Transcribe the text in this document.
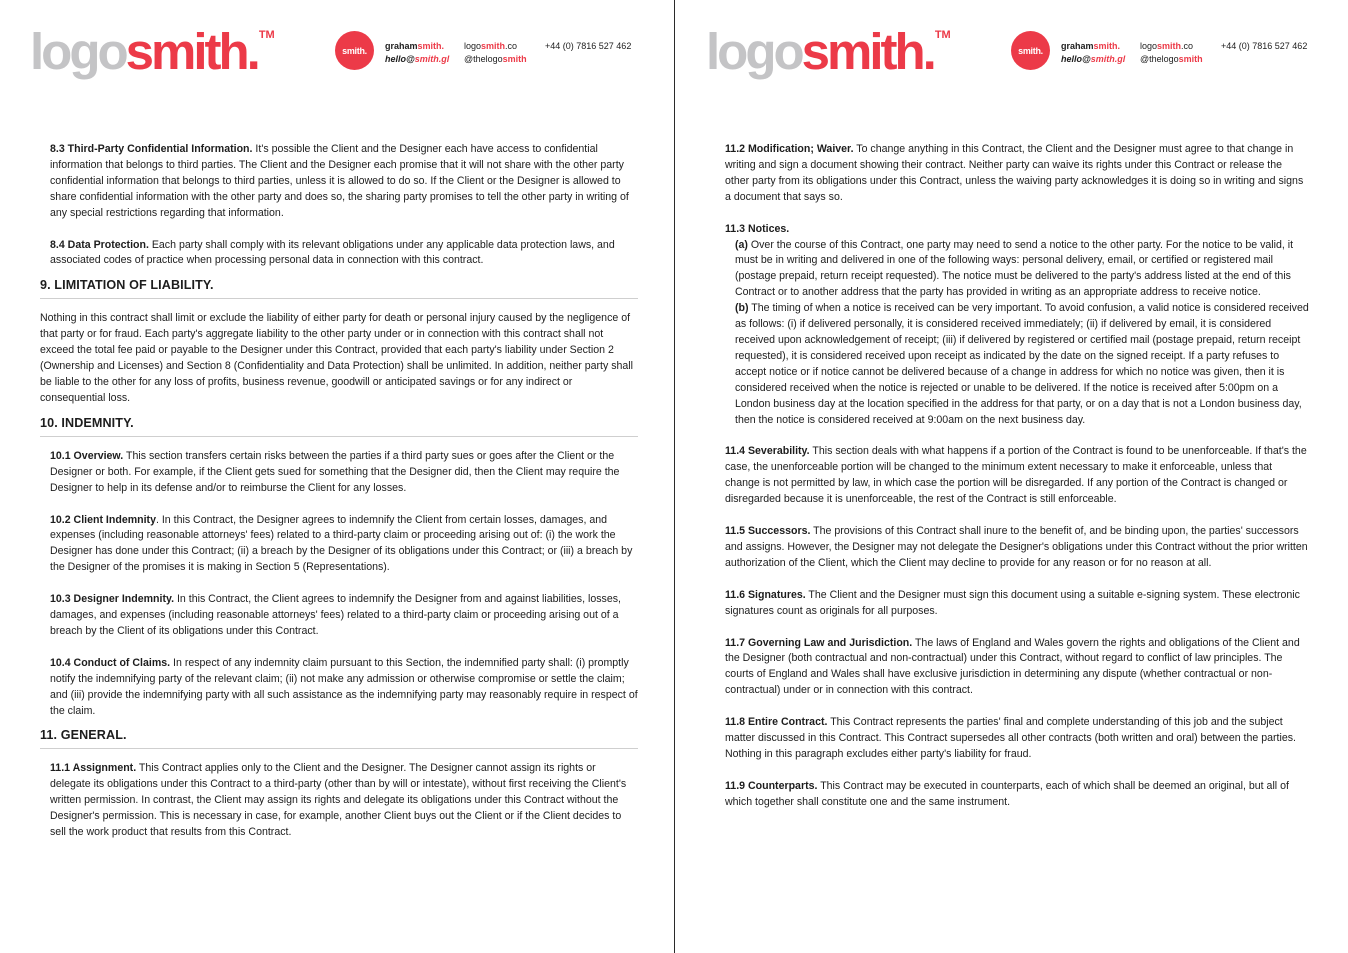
logosmith.™
smith.	grahamsmith.
hello@smith.gl
logosmith.co
@thelogosmith
+44 (0) 7816 527 462

8.3 Third-Party Confidential Information. It's possible the Client and the Designer each have access to confidential information that belongs to third parties. The Client and the Designer each promise that it will not share with the other party confidential information that belongs to third parties, unless it is allowed to do so. If the Client or the Designer is allowed to share confidential information with the other party and does so, the sharing party promises to tell the other party in writing of any special restrictions regarding that information.

8.4 Data Protection. Each party shall comply with its relevant obligations under any applicable data protection laws, and associated codes of practice when processing personal data in connection with this contract.

9. LIMITATION OF LIABILITY.

Nothing in this contract shall limit or exclude the liability of either party for death or personal injury caused by the negligence of that party or for fraud. Each party's aggregate liability to the other party under or in connection with this contract shall not exceed the total fee paid or payable to the Designer under this Contract, provided that each party's liability under Section 2 (Ownership and Licenses) and Section 8 (Confidentiality and Data Protection) shall be unlimited. In addition, neither party shall be liable to the other for any loss of profits, business revenue, goodwill or anticipated savings or for any indirect or consequential loss.

10. INDEMNITY.

10.1 Overview. This section transfers certain risks between the parties if a third party sues or goes after the Client or the Designer or both. For example, if the Client gets sued for something that the Designer did, then the Client may require the Designer to help in its defense and/or to reimburse the Client for any losses.

10.2 Client Indemnity. In this Contract, the Designer agrees to indemnify the Client from certain losses, damages, and expenses (including reasonable attorneys' fees) related to a third-party claim or proceeding arising out of: (i) the work the Designer has done under this Contract; (ii) a breach by the Designer of its obligations under this Contract; or (iii) a breach by the Designer of the promises it is making in Section 5 (Representations).

10.3 Designer Indemnity. In this Contract, the Client agrees to indemnify the Designer from and against liabilities, losses, damages, and expenses (including reasonable attorneys' fees) related to a third-party claim or proceeding arising out of a breach by the Client of its obligations under this Contract.

10.4 Conduct of Claims. In respect of any indemnity claim pursuant to this Section, the indemnified party shall: (i) promptly notify the indemnifying party of the relevant claim; (ii) not make any admission or otherwise compromise or settle the claim; and (iii) provide the indemnifying party with all such assistance as the indemnifying party may reasonably require in respect of the claim.

11. GENERAL.

11.1 Assignment. This Contract applies only to the Client and the Designer. The Designer cannot assign its rights or delegate its obligations under this Contract to a third-party (other than by will or intestate), without first receiving the Client's written permission. In contrast, the Client may assign its rights and delegate its obligations under this Contract without the Designer's permission. This is necessary in case, for example, another Client buys out the Client or if the Client decides to sell the work product that results from this Contract.

logosmith.™
smith.	grahamsmith.
hello@smith.gl
logosmith.co
@thelogosmith
+44 (0) 7816 527 462

11.2 Modification; Waiver. To change anything in this Contract, the Client and the Designer must agree to that change in writing and sign a document showing their contract. Neither party can waive its rights under this Contract or release the other party from its obligations under this Contract, unless the waiving party acknowledges it is doing so in writing and signs a document that says so.

11.3 Notices.

(a) Over the course of this Contract, one party may need to send a notice to the other party. For the notice to be valid, it must be in writing and delivered in one of the following ways: personal delivery, email, or certified or registered mail (postage prepaid, return receipt requested). The notice must be delivered to the party's address listed at the end of this Contract or to another address that the party has provided in writing as an appropriate address to receive notice.

(b) The timing of when a notice is received can be very important. To avoid confusion, a valid notice is considered received as follows: (i) if delivered personally, it is considered received immediately; (ii) if delivered by email, it is considered received upon acknowledgement of receipt; (iii) if delivered by registered or certified mail (postage prepaid, return receipt requested), it is considered received upon receipt as indicated by the date on the signed receipt. If a party refuses to accept notice or if notice cannot be delivered because of a change in address for which no notice was given, then it is considered received when the notice is rejected or unable to be delivered. If the notice is received after 5:00pm on a London business day at the location specified in the address for that party, or on a day that is not a London business day, then the notice is considered received at 9:00am on the next business day.

11.4 Severability. This section deals with what happens if a portion of the Contract is found to be unenforceable. If that's the case, the unenforceable portion will be changed to the minimum extent necessary to make it enforceable, unless that change is not permitted by law, in which case the portion will be disregarded. If any portion of the Contract is changed or disregarded because it is unenforceable, the rest of the Contract is still enforceable.

11.5 Successors. The provisions of this Contract shall inure to the benefit of, and be binding upon, the parties' successors and assigns. However, the Designer may not delegate the Designer's obligations under this Contract without the prior written authorization of the Client, which the Client may decline to provide for any reason or for no reason at all.

11.6 Signatures. The Client and the Designer must sign this document using a suitable e-signing system. These electronic signatures count as originals for all purposes.

11.7 Governing Law and Jurisdiction. The laws of England and Wales govern the rights and obligations of the Client and the Designer (both contractual and non-contractual) under this Contract, without regard to conflict of law principles. The courts of England and Wales shall have exclusive jurisdiction in determining any dispute (whether contractual or non-contractual) under or in connection with this contract.

11.8 Entire Contract. This Contract represents the parties' final and complete understanding of this job and the subject matter discussed in this Contract. This Contract supersedes all other contracts (both written and oral) between the parties. Nothing in this paragraph excludes either party's liability for fraud.

11.9 Counterparts. This Contract may be executed in counterparts, each of which shall be deemed an original, but all of which together shall constitute one and the same instrument.
